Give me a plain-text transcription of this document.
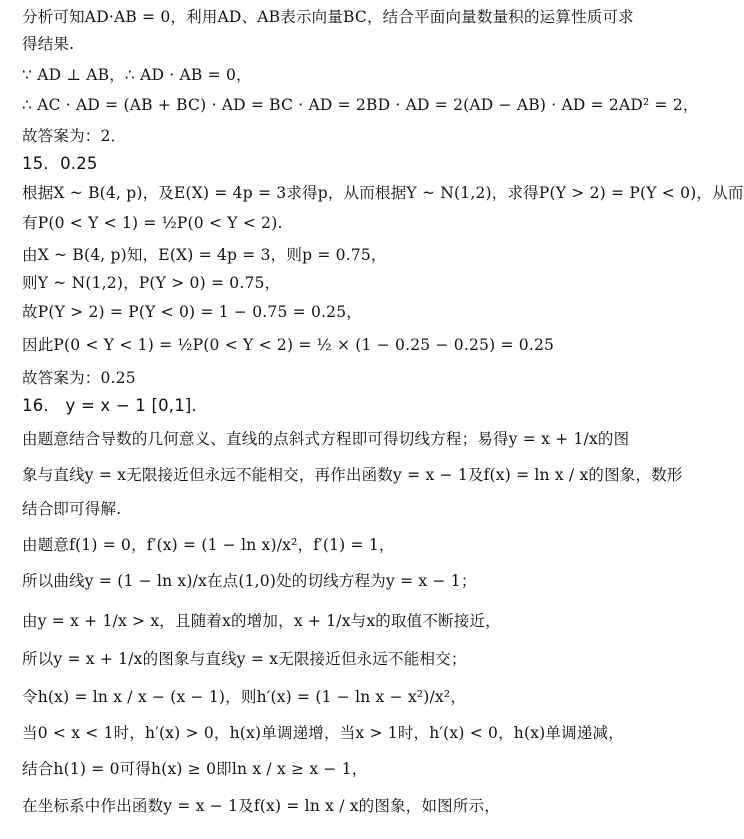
分析可知AD·AB = 0，利用AD、AB表示向量BC，结合平面向量数量积的运算性质可求
得结果.
∵ AD ⊥ AB，∴ AD · AB = 0，
∴ AC · AD = (AB + BC) · AD = BC · AD = 2BD · AD = 2(AD − AB) · AD = 2AD² = 2，
故答案为：2．
15．0.25
根据X ~ B(4, p)，及E(X) = 4p = 3求得p，从而根据Y ~ N(1,2)，求得P(Y > 2) = P(Y < 0)，从而
有P(0 < Y < 1) = ½P(0 < Y < 2).
由X ~ B(4, p)知，E(X) = 4p = 3，则p = 0.75，
则Y ~ N(1,2)，P(Y > 0) = 0.75，
故P(Y > 2) = P(Y < 0) = 1 − 0.75 = 0.25，
因此P(0 < Y < 1) = ½P(0 < Y < 2) = ½ × (1 − 0.25 − 0.25) = 0.25
故答案为：0.25
16． y = x − 1 [0,1]．
由题意结合导数的几何意义、直线的点斜式方程即可得切线方程；易得y = x + 1/x的图
象与直线y = x无限接近但永远不能相交，再作出函数y = x − 1及f(x) = ln x / x的图象，数形
结合即可得解.
由题意f(1) = 0，f′(x) = (1 − ln x)/x²，f′(1) = 1，
所以曲线y = (1 − ln x)/x在点(1,0)处的切线方程为y = x − 1；
由y = x + 1/x > x，且随着x的增加，x + 1/x与x的取值不断接近，
所以y = x + 1/x的图象与直线y = x无限接近但永远不能相交；
令h(x) = ln x / x − (x − 1)，则h′(x) = (1 − ln x − x²)/x²，
当0 < x < 1时，h′(x) > 0，h(x)单调递增，当x > 1时，h′(x) < 0，h(x)单调递减，
结合h(1) = 0可得h(x) ≥ 0即ln x / x ≥ x − 1，
在坐标系中作出函数y = x − 1及f(x) = ln x / x的图象，如图所示，
